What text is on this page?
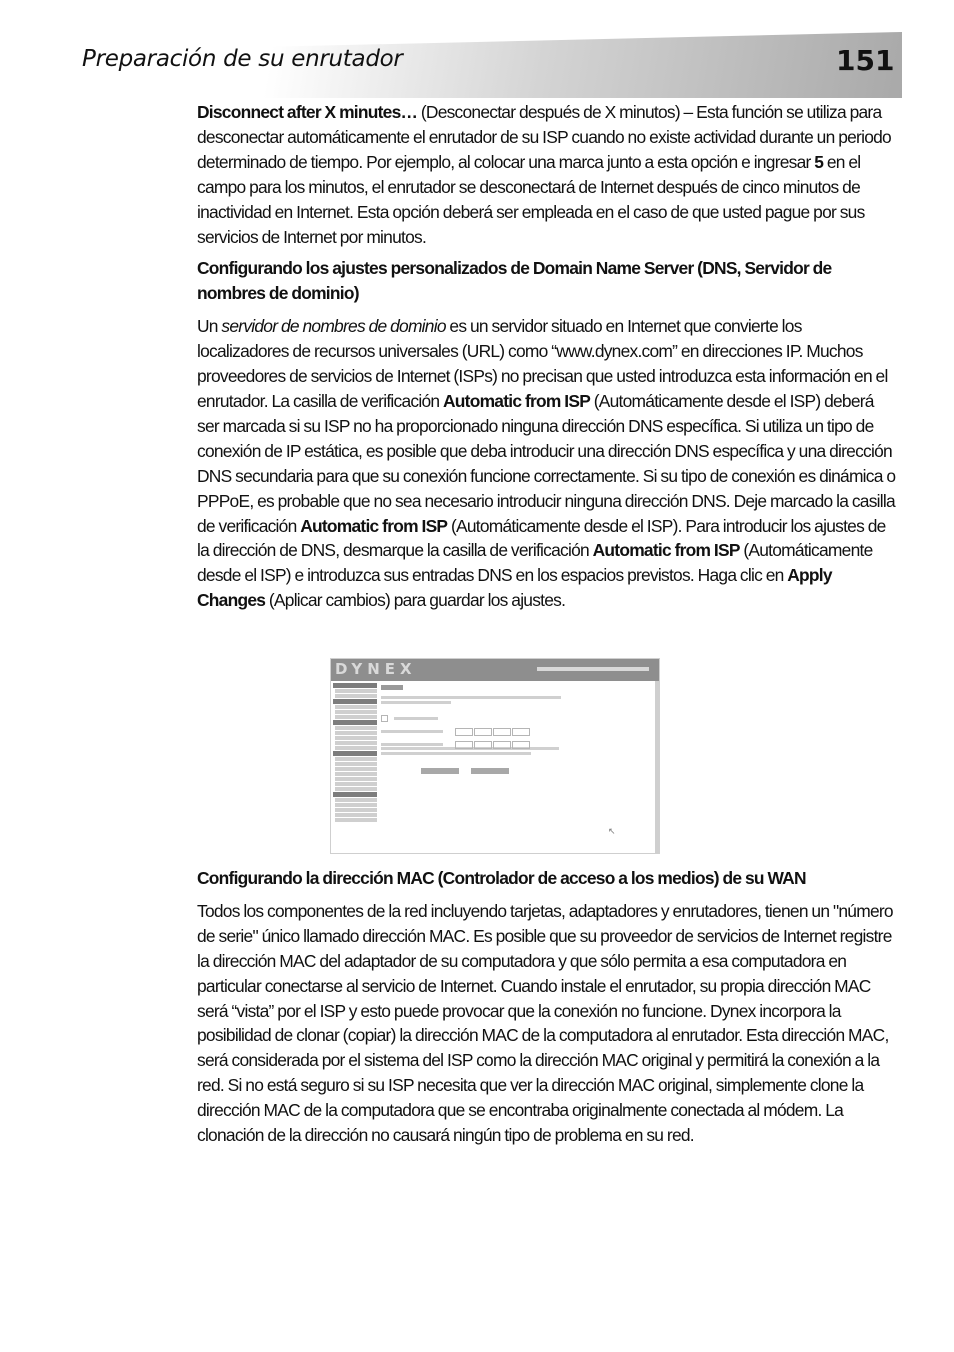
Preparación de su enrutador	151

Disconnect after X minutes… (Desconectar después de X minutos) – Esta función se utiliza para desconectar automáticamente el enrutador de su ISP cuando no existe actividad durante un periodo determinado de tiempo. Por ejemplo, al colocar una marca junto a esta opción e ingresar 5 en el campo para los minutos, el enrutador se desconectará de Internet después de cinco minutos de inactividad en Internet. Esta opción deberá ser empleada en el caso de que usted pague por sus servicios de Internet por minutos.

Configurando los ajustes personalizados de Domain Name Server (DNS, Servidor de nombres de dominio)

Un servidor de nombres de dominio es un servidor situado en Internet que convierte los localizadores de recursos universales (URL) como “www.dynex.com” en direcciones IP. Muchos proveedores de servicios de Internet (ISPs) no precisan que usted introduzca esta información en el enrutador. La casilla de verificación Automatic from ISP (Automáticamente desde el ISP) deberá ser marcada si su ISP no ha proporcionado ninguna dirección DNS específica. Si utiliza un tipo de conexión de IP estática, es posible que deba introducir una dirección DNS específica y una dirección DNS secundaria para que su conexión funcione correctamente. Si su tipo de conexión es dinámica o PPPoE, es probable que no sea necesario introducir ninguna dirección DNS. Deje marcado la casilla de verificación Automatic from ISP (Automáticamente desde el ISP). Para introducir los ajustes de la dirección de DNS, desmarque la casilla de verificación Automatic from ISP (Automáticamente desde el ISP) e introduzca sus entradas DNS en los espacios previstos. Haga clic en Apply Changes (Aplicar cambios) para guardar los ajustes.

DYNEX

↖

Configurando la dirección MAC (Controlador de acceso a los medios) de su WAN

Todos los componentes de la red incluyendo tarjetas, adaptadores y enrutadores, tienen un "número de serie" único llamado dirección MAC. Es posible que su proveedor de servicios de Internet registre la dirección MAC del adaptador de su computadora y que sólo permita a esa computadora en particular conectarse al servicio de Internet. Cuando instale el enrutador, su propia dirección MAC será “vista” por el ISP y esto puede provocar que la conexión no funcione. Dynex incorpora la posibilidad de clonar (copiar) la dirección MAC de la computadora al enrutador. Esta dirección MAC, será considerada por el sistema del ISP como la dirección MAC original y permitirá la conexión a la red. Si no está seguro si su ISP necesita que ver la dirección MAC original, simplemente clone la dirección MAC de la computadora que se encontraba originalmente conectada al módem. La clonación de la dirección no causará ningún tipo de problema en su red.
